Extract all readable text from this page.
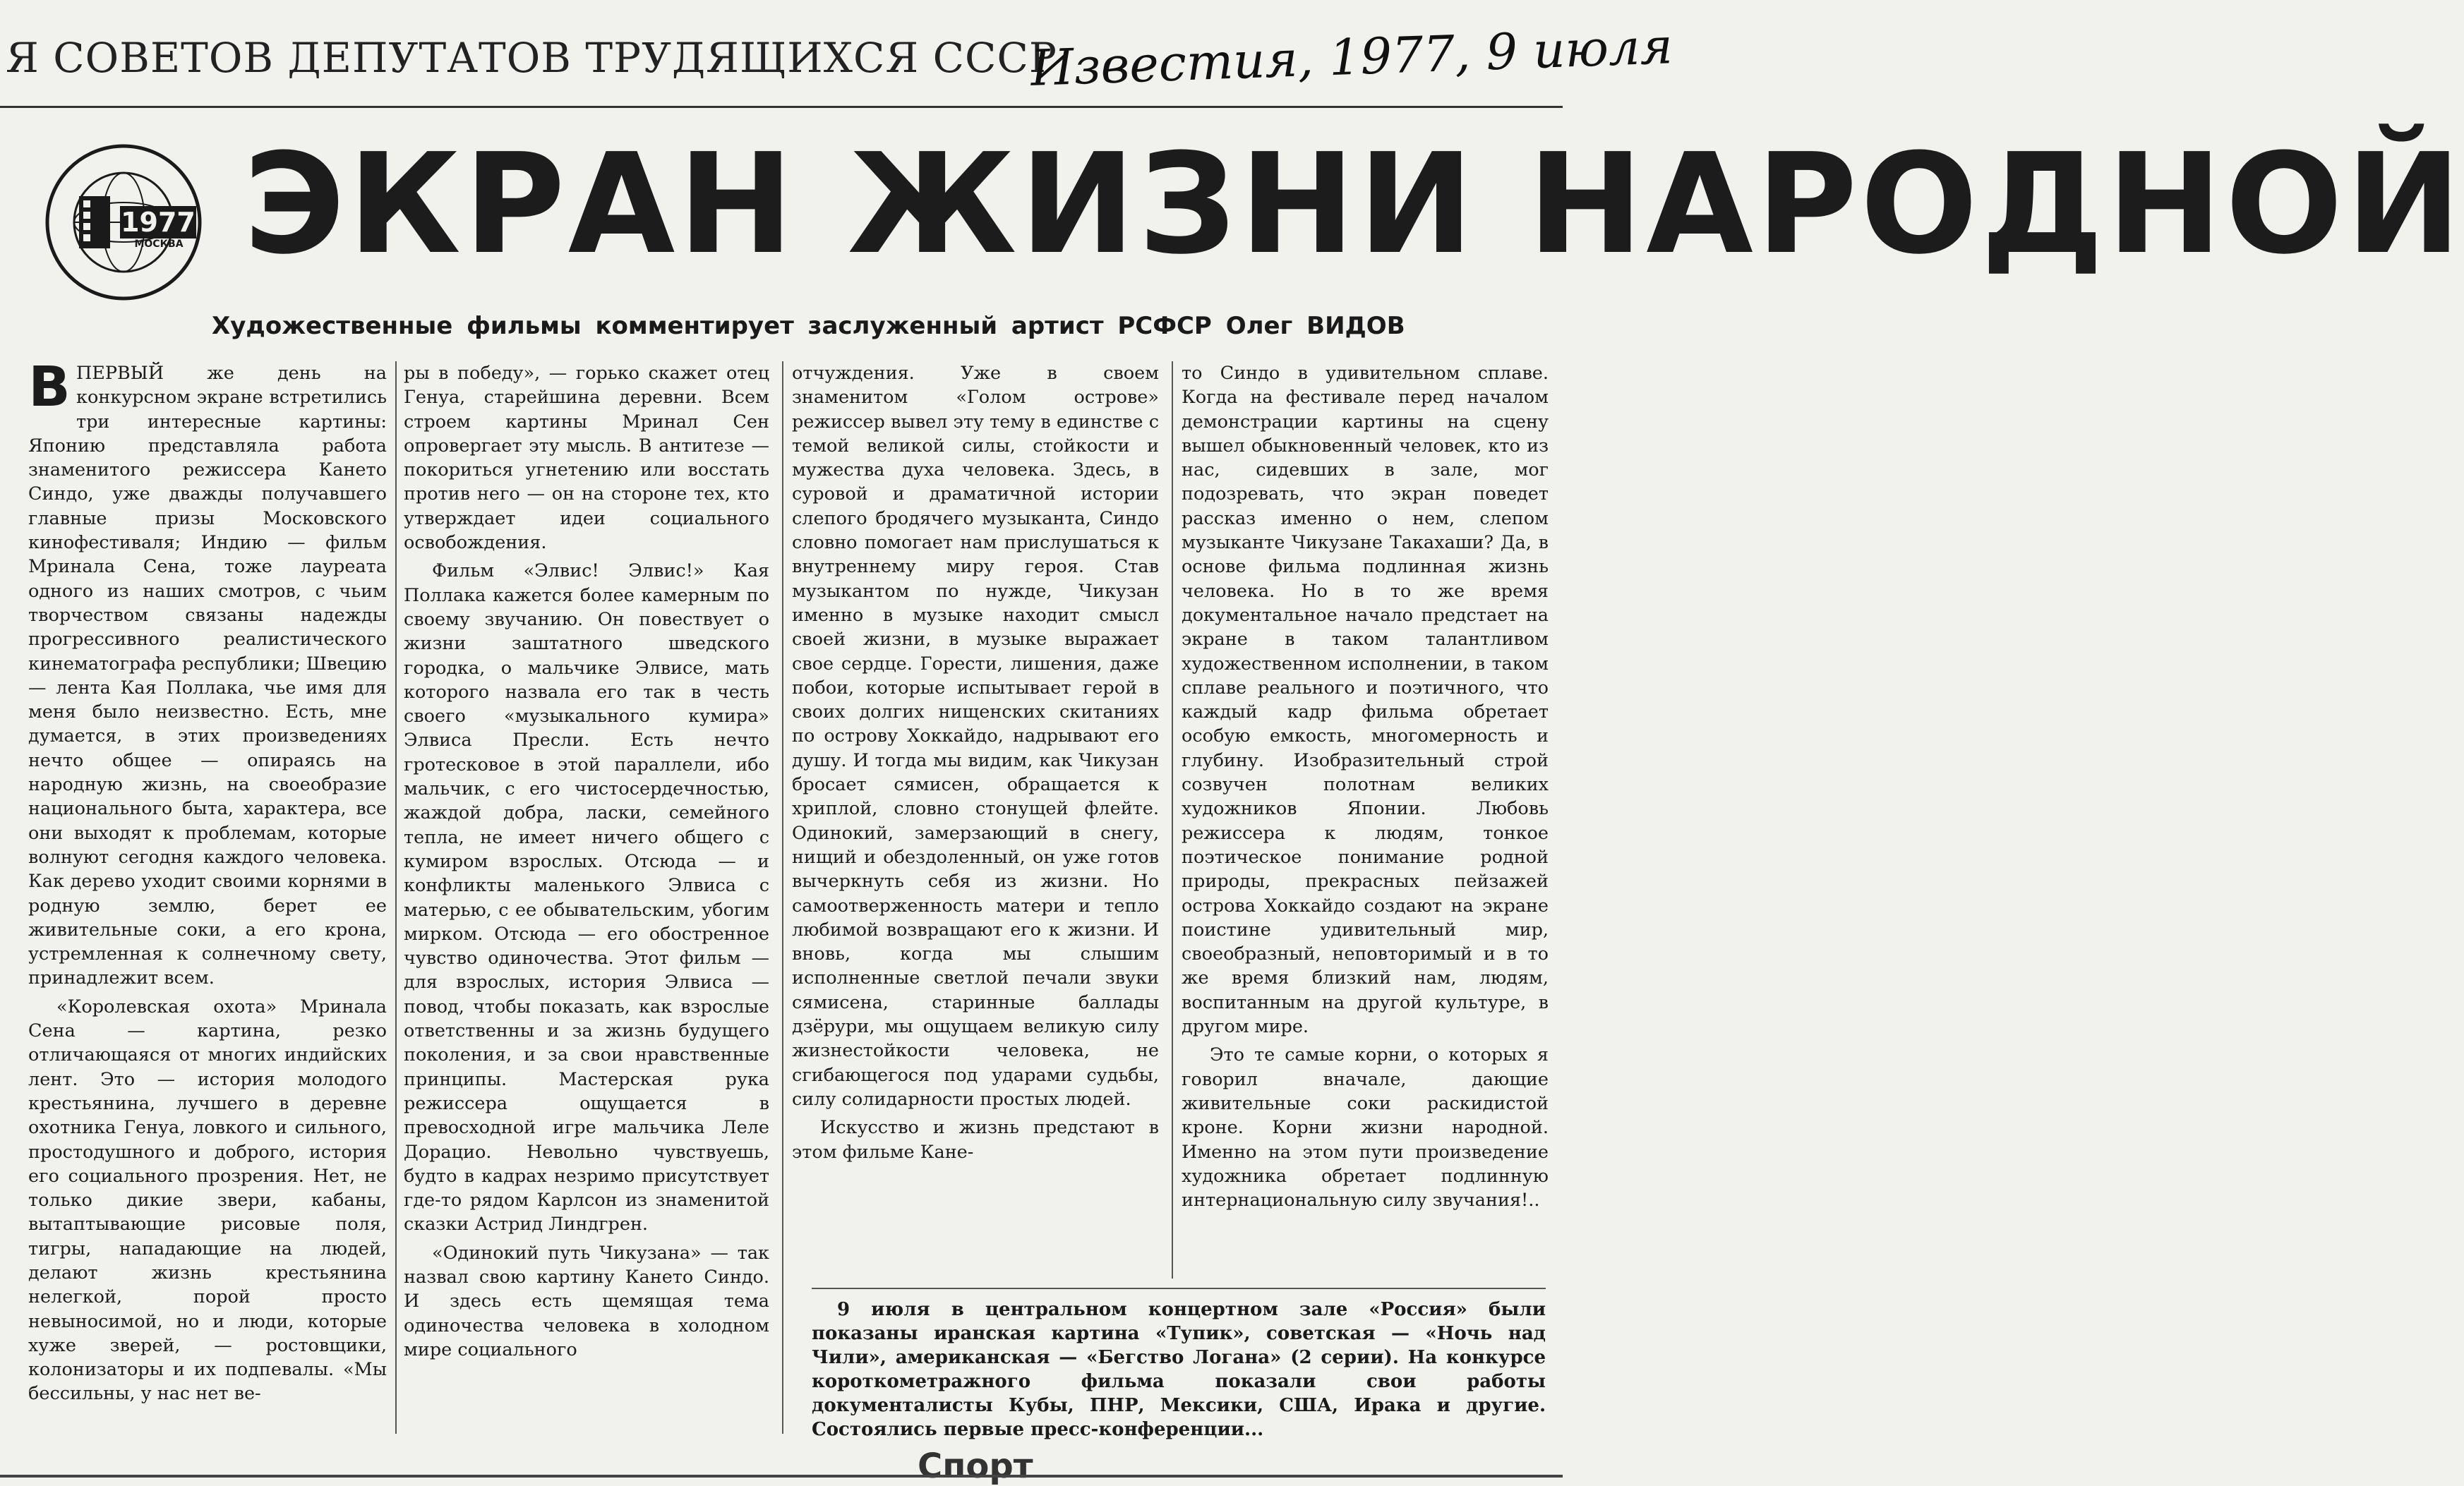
Я СОВЕТОВ ДЕПУТАТОВ ТРУДЯЩИХСЯ СССР
Известия, 1977, 9 июля
1977
МОСКВА ЭКРАН ЖИЗНИ НАРОДНОЙ
Художественные фильмы комментирует заслуженный артист РСФСР Олег ВИДОВ

ВПЕРВЫЙ же день на конкурсном экране встретились три интересные картины: Японию представляла работа знаменитого режиссера Кането Синдо, уже дважды получавшего главные призы Московского кинофестиваля; Индию — фильм Мринала Сена, тоже лауреата одного из наших смотров, с чьим творчеством связаны надежды прогрессивного реалистического кинематографа республики; Швецию — лента Кая Поллака, чье имя для меня было неизвестно. Есть, мне думается, в этих произведениях нечто общее — опираясь на народную жизнь, на своеобразие национального быта, характера, все они выходят к проблемам, которые волнуют сегодня каждого человека. Как дерево уходит своими корнями в родную землю, берет ее живительные соки, а его крона, устремленная к солнечному свету, принадлежит всем.

«Королевская охота» Мринала Сена — картина, резко отличающаяся от многих индийских лент. Это — история молодого крестьянина, лучшего в деревне охотника Генуа, ловкого и сильного, простодушного и доброго, история его социального прозрения. Нет, не только дикие звери, кабаны, вытаптывающие рисовые поля, тигры, нападающие на людей, делают жизнь крестьянина нелегкой, порой просто невыносимой, но и люди, которые хуже зверей, — ростовщики, колонизаторы и их подпевалы. «Мы бессильны, у нас нет ве-

ры в победу», — горько скажет отец Генуа, старейшина деревни. Всем строем картины Мринал Сен опровергает эту мысль. В антитезе — покориться угнетению или восстать против него — он на стороне тех, кто утверждает идеи социального освобождения.

Фильм «Элвис! Элвис!» Кая Поллака кажется более камерным по своему звучанию. Он повествует о жизни заштатного шведского городка, о мальчике Элвисе, мать которого назвала его так в честь своего «музыкального кумира» Элвиса Пресли. Есть нечто гротесковое в этой параллели, ибо мальчик, с его чистосердечностью, жаждой добра, ласки, семейного тепла, не имеет ничего общего с кумиром взрослых. Отсюда — и конфликты маленького Элвиса с матерью, с ее обывательским, убогим мирком. Отсюда — его обостренное чувство одиночества. Этот фильм — для взрослых, история Элвиса — повод, чтобы показать, как взрослые ответственны и за жизнь будущего поколения, и за свои нравственные принципы. Мастерская рука режиссера ощущается в превосходной игре мальчика Леле Дорацио. Невольно чувствуешь, будто в кадрах незримо присутствует где-то рядом Карлсон из знаменитой сказки Астрид Линдгрен.

«Одинокий путь Чикузана» — так назвал свою картину Кането Синдо. И здесь есть щемящая тема одиночества человека в холодном мире социального

отчуждения. Уже в своем знаменитом «Голом острове» режиссер вывел эту тему в единстве с темой великой силы, стойкости и мужества духа человека. Здесь, в суровой и драматичной истории слепого бродячего музыканта, Синдо словно помогает нам прислушаться к внутреннему миру героя. Став музыкантом по нужде, Чикузан именно в музыке находит смысл своей жизни, в музыке выражает свое сердце. Горести, лишения, даже побои, которые испытывает герой в своих долгих нищенских скитаниях по острову Хоккайдо, надрывают его душу. И тогда мы видим, как Чикузан бросает сямисен, обращается к хриплой, словно стонущей флейте. Одинокий, замерзающий в снегу, нищий и обездоленный, он уже готов вычеркнуть себя из жизни. Но самоотверженность матери и тепло любимой возвращают его к жизни. И вновь, когда мы слышим исполненные светлой печали звуки сямисена, старинные баллады дзёрури, мы ощущаем великую силу жизнестойкости человека, не сгибающегося под ударами судьбы, силу солидарности простых людей.

Искусство и жизнь предстают в этом фильме Кане-

то Синдо в удивительном сплаве. Когда на фестивале перед началом демонстрации картины на сцену вышел обыкновенный человек, кто из нас, сидевших в зале, мог подозревать, что экран поведет рассказ именно о нем, слепом музыканте Чикузане Такахаши? Да, в основе фильма подлинная жизнь человека. Но в то же время документальное начало предстает на экране в таком талантливом художественном исполнении, в таком сплаве реального и поэтичного, что каждый кадр фильма обретает особую емкость, многомерность и глубину. Изобразительный строй созвучен полотнам великих художников Японии. Любовь режиссера к людям, тонкое поэтическое понимание родной природы, прекрасных пейзажей острова Хоккайдо создают на экране поистине удивительный мир, своеобразный, неповторимый и в то же время близкий нам, людям, воспитанным на другой культуре, в другом мире.

Это те самые корни, о которых я говорил вначале, дающие живительные соки раскидистой кроне. Корни жизни народной. Именно на этом пути произведение художника обретает подлинную интернациональную силу звучания!..

9 июля в центральном концертном зале «Россия» были показаны иранская картина «Тупик», советская — «Ночь над Чили», американская — «Бегство Логана» (2 серии). На конкурсе короткометражного фильма показали свои работы документалисты Кубы, ПНР, Мексики, США, Ирака и другие. Состоялись первые пресс-конференции...

Спорт
